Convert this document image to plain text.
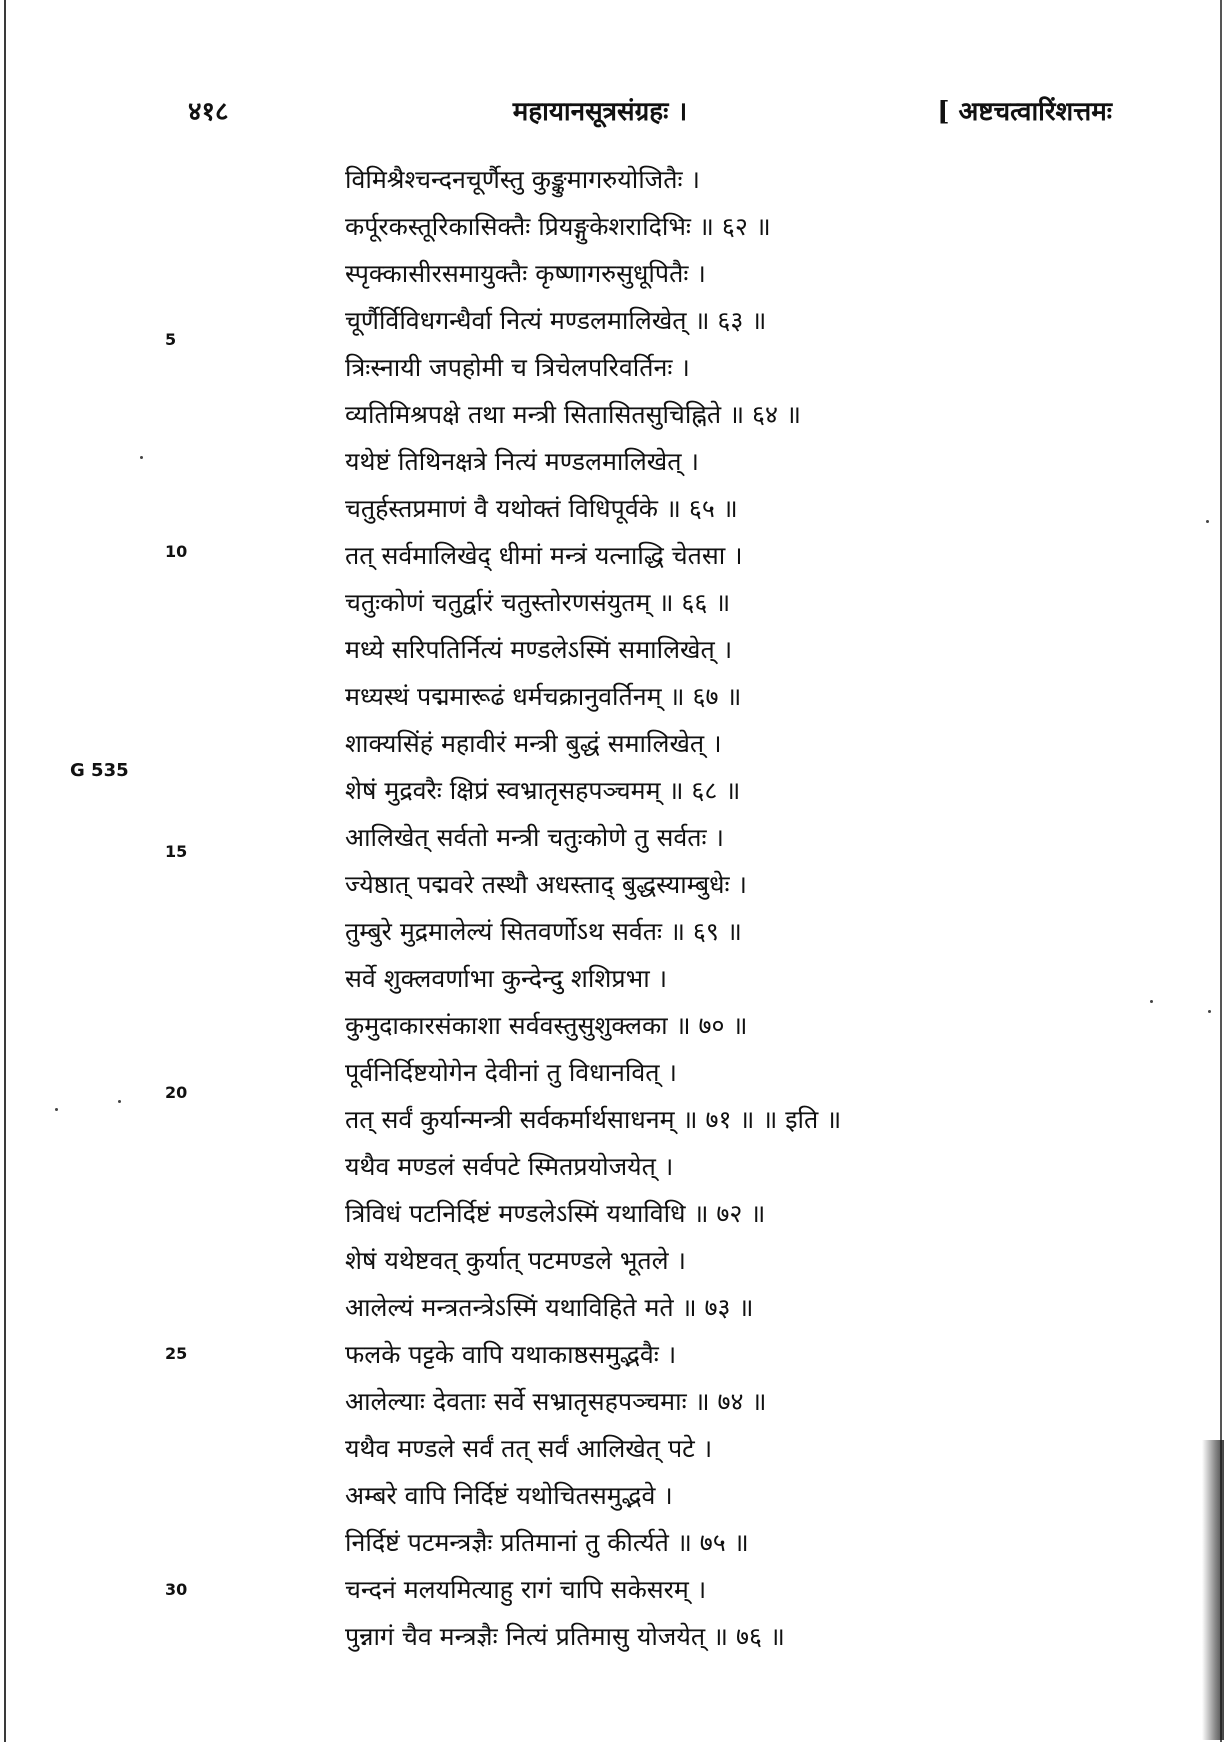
४१८	महायानसूत्रसंग्रहः ।	[ अष्टचत्वारिंशत्तमः
G 535
5
10
15
20
25
30
विमिश्रैश्चन्दनचूर्णैस्तु कुङ्कुमागरुयोजितैः ।
कर्पूरकस्तूरिकासिक्तैः प्रियङ्गुकेशरादिभिः ॥ ६२ ॥
स्पृक्कासीरसमायुक्तैः कृष्णागरुसुधूपितैः ।
चूर्णैर्विविधगन्धैर्वा नित्यं मण्डलमालिखेत् ॥ ६३ ॥
त्रिःस्नायी जपहोमी च त्रिचेलपरिवर्तिनः ।
व्यतिमिश्रपक्षे तथा मन्त्री सितासितसुचिह्निते ॥ ६४ ॥
यथेष्टं तिथिनक्षत्रे नित्यं मण्डलमालिखेत् ।
चतुर्हस्तप्रमाणं वै यथोक्तं विधिपूर्वके ॥ ६५ ॥
तत् सर्वमालिखेद् धीमां मन्त्रं यत्नाद्धि चेतसा ।
चतुःकोणं चतुर्द्वारं चतुस्तोरणसंयुतम् ॥ ६६ ॥
मध्ये सरिपतिर्नित्यं मण्डलेऽस्मिं समालिखेत् ।
मध्यस्थं पद्ममारूढं धर्मचक्रानुवर्तिनम् ॥ ६७ ॥
शाक्यसिंहं महावीरं मन्त्री बुद्धं समालिखेत् ।
शेषं मुद्रवरैः क्षिप्रं स्वभ्रातृसहपञ्चमम् ॥ ६८ ॥
आलिखेत् सर्वतो मन्त्री चतुःकोणे तु सर्वतः ।
ज्येष्ठात् पद्मवरे तस्थौ अधस्ताद् बुद्धस्याम्बुधेः ।
तुम्बुरे मुद्रमालेल्यं सितवर्णोऽथ सर्वतः ॥ ६९ ॥
सर्वे शुक्लवर्णाभा कुन्देन्दु शशिप्रभा ।
कुमुदाकारसंकाशा सर्ववस्तुसुशुक्लका ॥ ७० ॥
पूर्वनिर्दिष्टयोगेन देवीनां तु विधानवित् ।
तत् सर्वं कुर्यान्मन्त्री सर्वकर्मार्थसाधनम् ॥ ७१ ॥ ॥ इति ॥
यथैव मण्डलं सर्वपटे स्मितप्रयोजयेत् ।
त्रिविधं पटनिर्दिष्टं मण्डलेऽस्मिं यथाविधि ॥ ७२ ॥
शेषं यथेष्टवत् कुर्यात् पटमण्डले भूतले ।
आलेल्यं मन्त्रतन्त्रेऽस्मिं यथाविहिते मते ॥ ७३ ॥
फलके पट्टके वापि यथाकाष्ठसमुद्भवैः ।
आलेल्याः देवताः सर्वे सभ्रातृसहपञ्चमाः ॥ ७४ ॥
यथैव मण्डले सर्वं तत् सर्वं आलिखेत् पटे ।
अम्बरे वापि निर्दिष्टं यथोचितसमुद्भवे ।
निर्दिष्टं पटमन्त्रज्ञैः प्रतिमानां तु कीर्त्यते ॥ ७५ ॥
चन्दनं मलयमित्याहु रागं चापि सकेसरम् ।
पुन्नागं चैव मन्त्रज्ञैः नित्यं प्रतिमासु योजयेत् ॥ ७६ ॥
